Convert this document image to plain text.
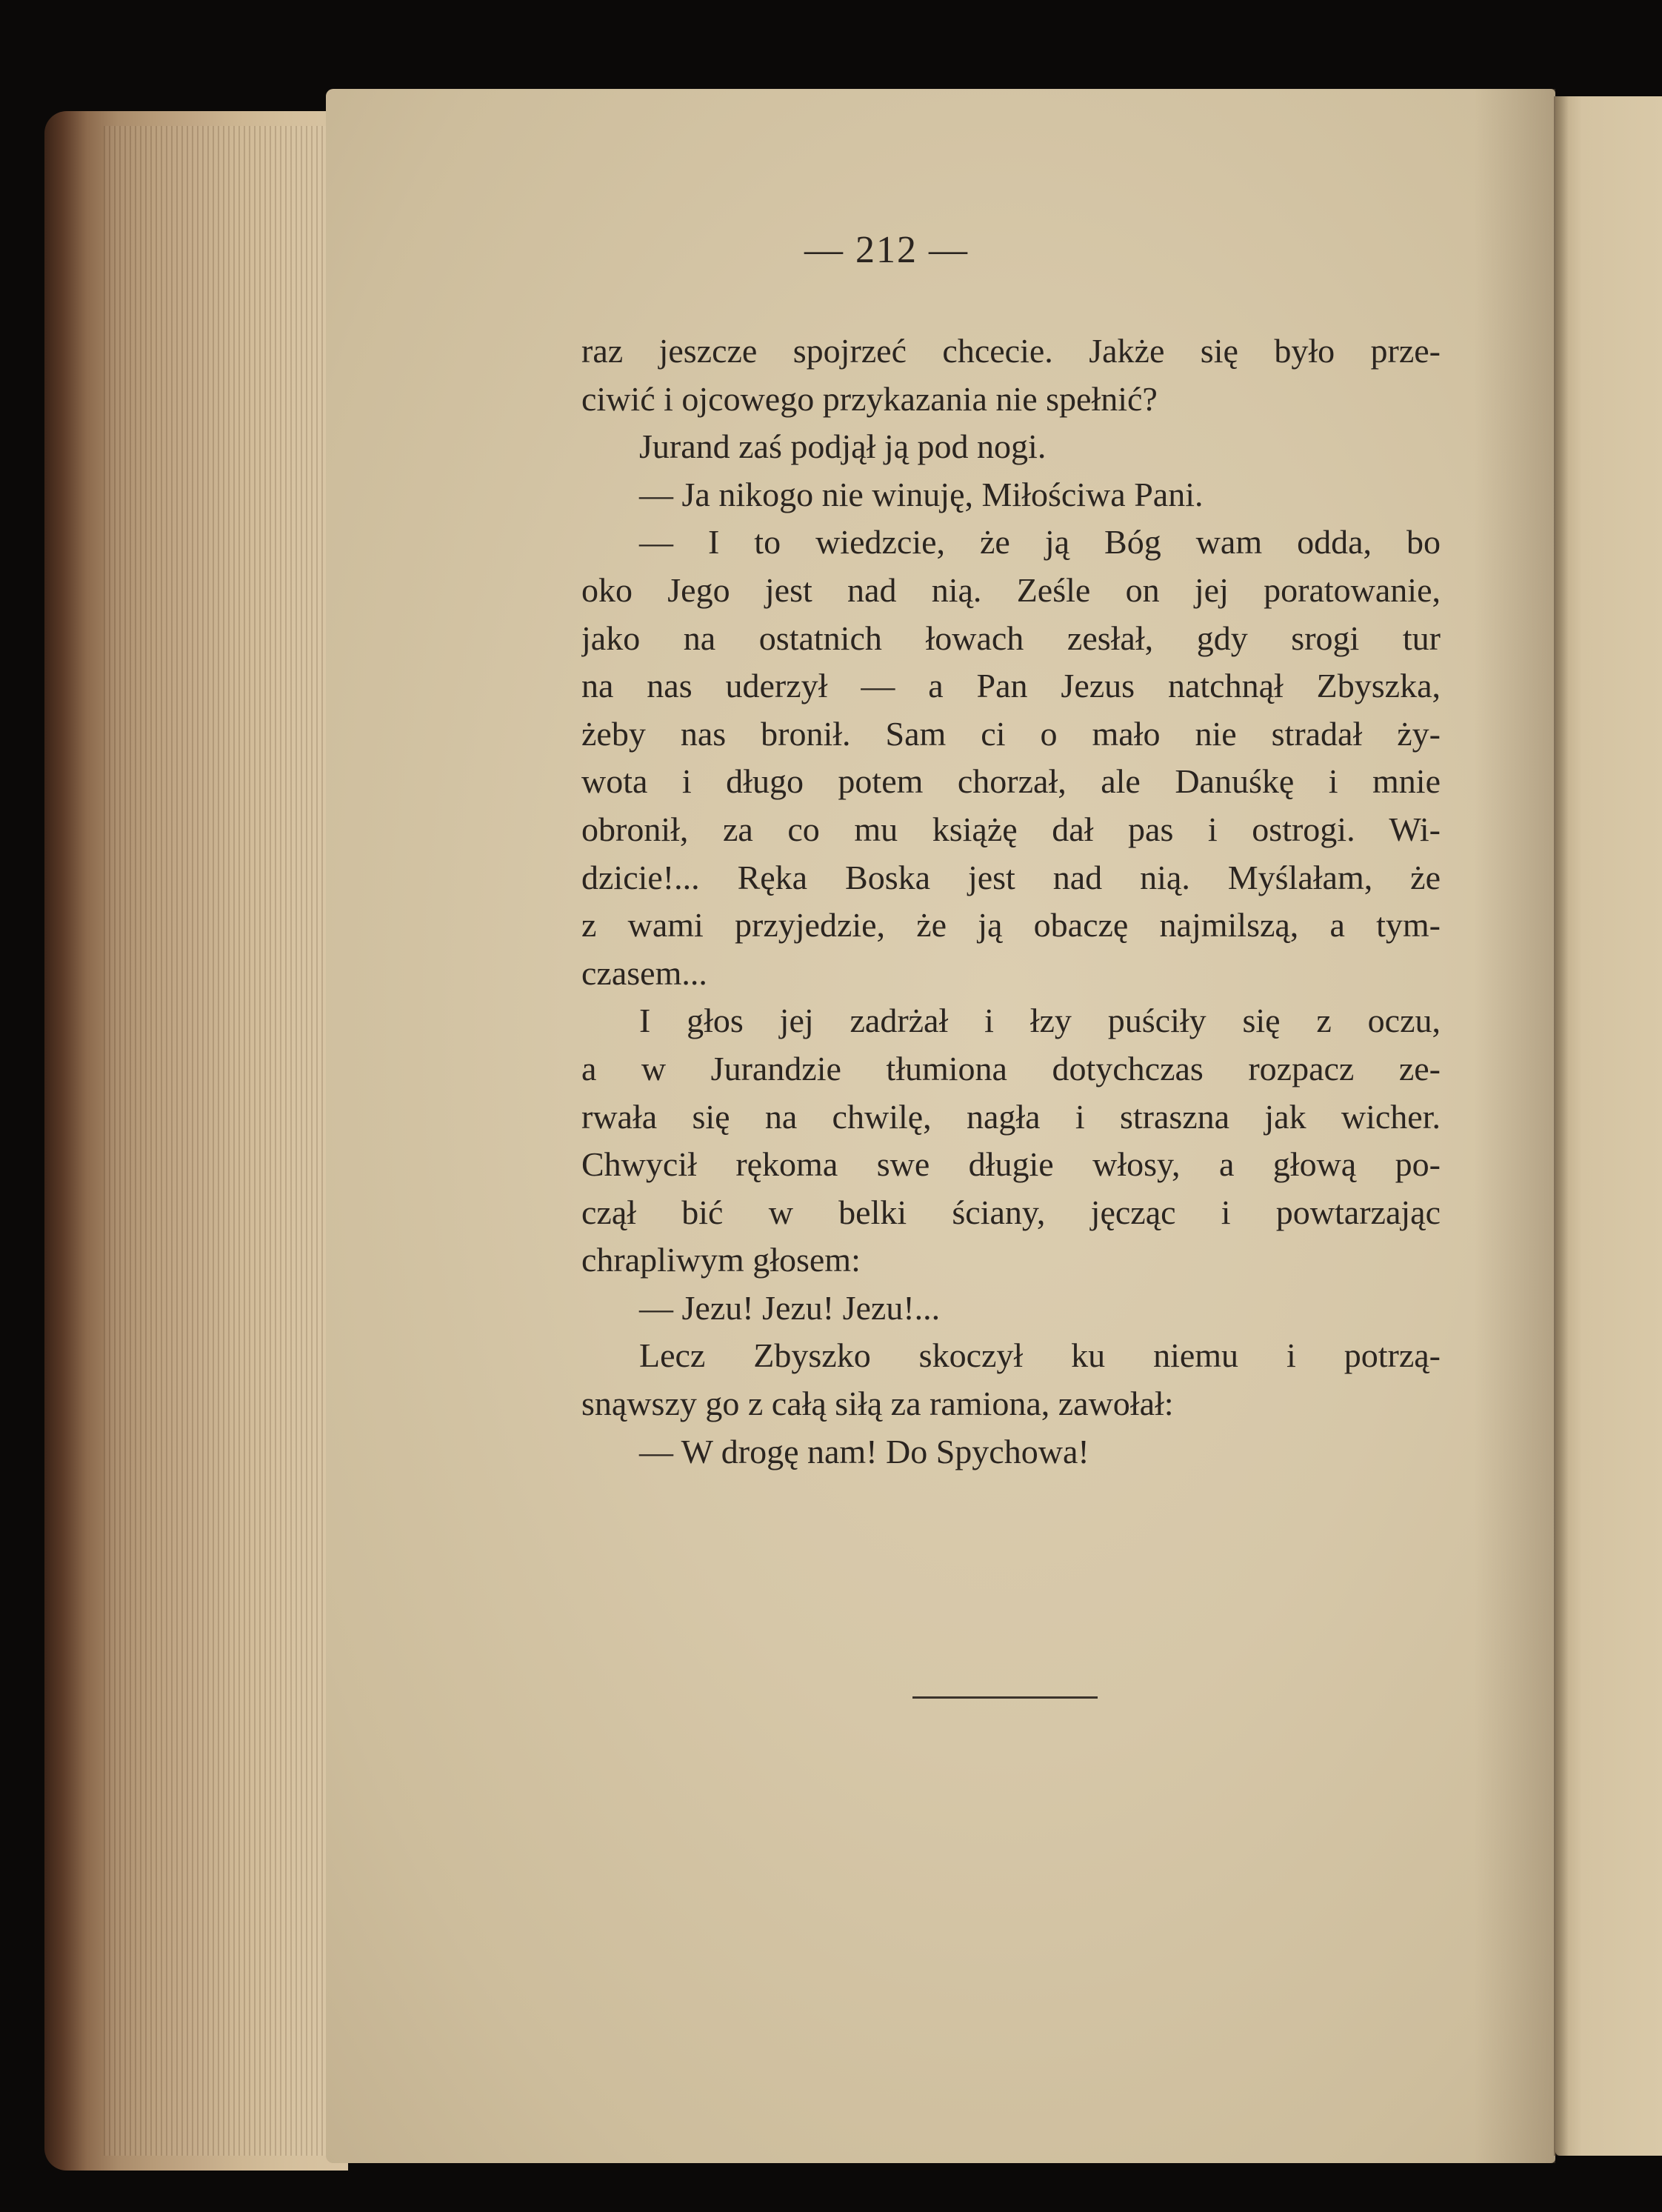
— 212 —

raz jeszcze spojrzeć chcecie. Jakże się było prze-
ciwić i ojcowego przykazania nie spełnić?
Jurand zaś podjął ją pod nogi.
— Ja nikogo nie winuję, Miłościwa Pani.
— I to wiedzcie, że ją Bóg wam odda, bo
oko Jego jest nad nią. Ześle on jej poratowanie,
jako na ostatnich łowach zesłał, gdy srogi tur
na nas uderzył — a Pan Jezus natchnął Zbyszka,
żeby nas bronił. Sam ci o mało nie stradał ży-
wota i długo potem chorzał, ale Danuśkę i mnie
obronił, za co mu książę dał pas i ostrogi. Wi-
dzicie!... Ręka Boska jest nad nią. Myślałam, że
z wami przyjedzie, że ją obaczę najmilszą, a tym-
czasem...
I głos jej zadrżał i łzy puściły się z oczu,
a w Jurandzie tłumiona dotychczas rozpacz ze-
rwała się na chwilę, nagła i straszna jak wicher.
Chwycił rękoma swe długie włosy, a głową po-
czął bić w belki ściany, jęcząc i powtarzając
chrapliwym głosem:
— Jezu! Jezu! Jezu!...
Lecz Zbyszko skoczył ku niemu i potrzą-
snąwszy go z całą siłą za ramiona, zawołał:
— W drogę nam! Do Spychowa!
